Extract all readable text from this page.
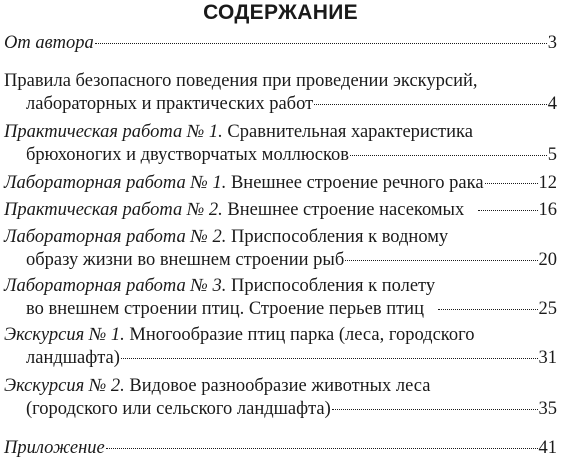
СОДЕРЖАНИЕ
От автора	3
Правила безопасного поведения при проведении экскурсий,
лабораторных и практических работ	4
Практическая работа № 1.
Сравнительная характеристика
брюхоногих и двустворчатых моллюсков	5
Лабораторная работа № 1.
Внешнее строение речного рака	12
Практическая работа № 2.
Внешнее строение насекомых	16
Лабораторная работа № 2.
Приспособления к водному
образу жизни во внешнем строении рыб	20
Лабораторная работа № 3.
Приспособления к полету
во внешнем строении птиц. Строение перьев птиц	25
Экскурсия № 1.
Многообразие птиц парка (леса, городского
ландшафта)	31
Экскурсия № 2.
Видовое разнообразие животных леса
(городского или сельского ландшафта)	35
Приложение	41
